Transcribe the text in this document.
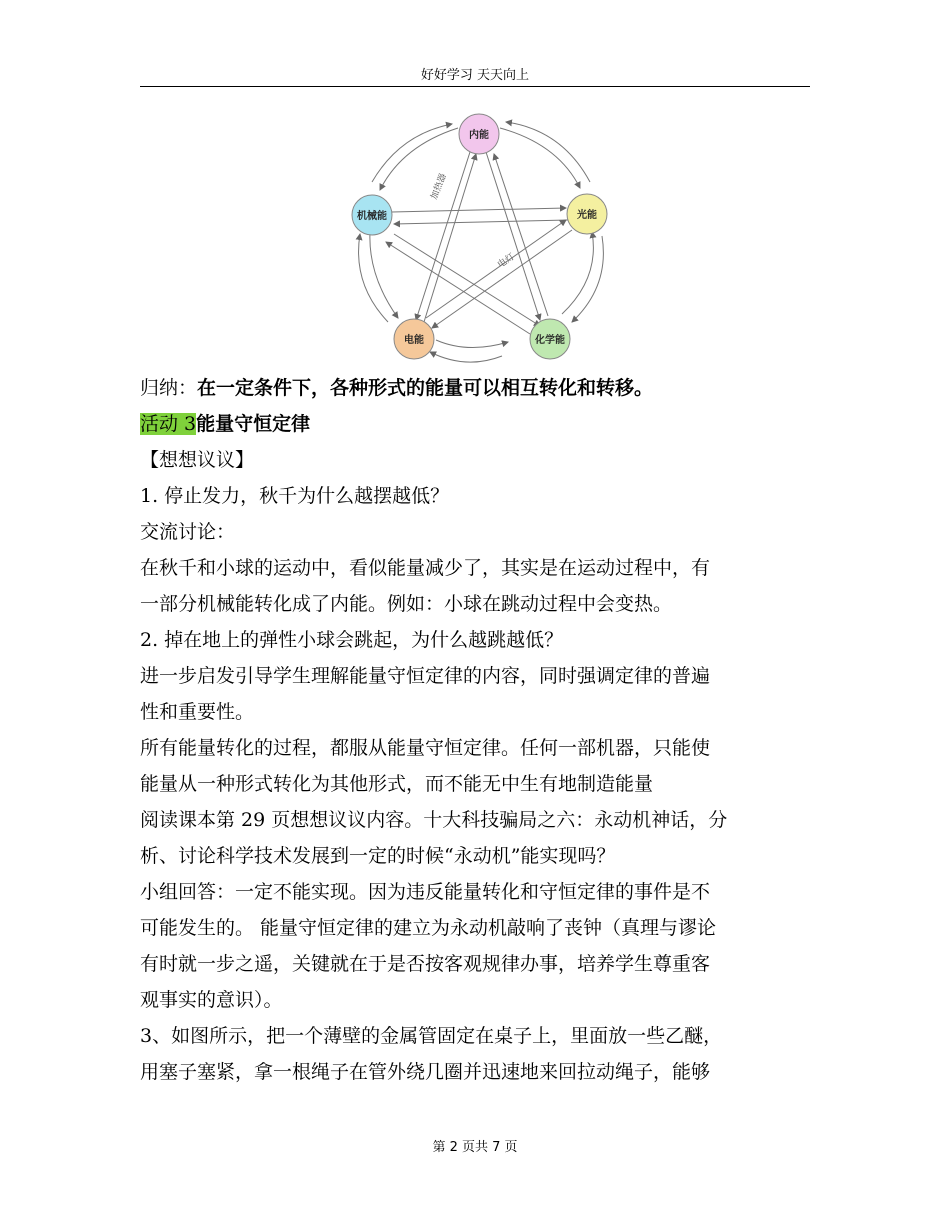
好好学习 天天向上
加热器
电灯
内能
机械能	光能
电能	化学能

归纳：在一定条件下，各种形式的能量可以相互转化和转移。

活动 3能量守恒定律

【想想议议】

1. 停止发力，秋千为什么越摆越低？

交流讨论：

在秋千和小球的运动中，看似能量减少了，其实是在运动过程中，有

一部分机械能转化成了内能。例如：小球在跳动过程中会变热。

2. 掉在地上的弹性小球会跳起，为什么越跳越低？

进一步启发引导学生理解能量守恒定律的内容，同时强调定律的普遍

性和重要性。

所有能量转化的过程，都服从能量守恒定律。任何一部机器，只能使

能量从一种形式转化为其他形式，而不能无中生有地制造能量

阅读课本第 29 页想想议议内容。十大科技骗局之六：永动机神话，分

析、讨论科学技术发展到一定的时候“永动机”能实现吗？

小组回答：一定不能实现。因为违反能量转化和守恒定律的事件是不

可能发生的。 能量守恒定律的建立为永动机敲响了丧钟（真理与谬论

有时就一步之遥，关键就在于是否按客观规律办事，培养学生尊重客

观事实的意识）。

3、如图所示，把一个薄壁的金属管固定在桌子上，里面放一些乙醚，

用塞子塞紧，拿一根绳子在管外绕几圈并迅速地来回拉动绳子，能够

第 2 页共 7 页
